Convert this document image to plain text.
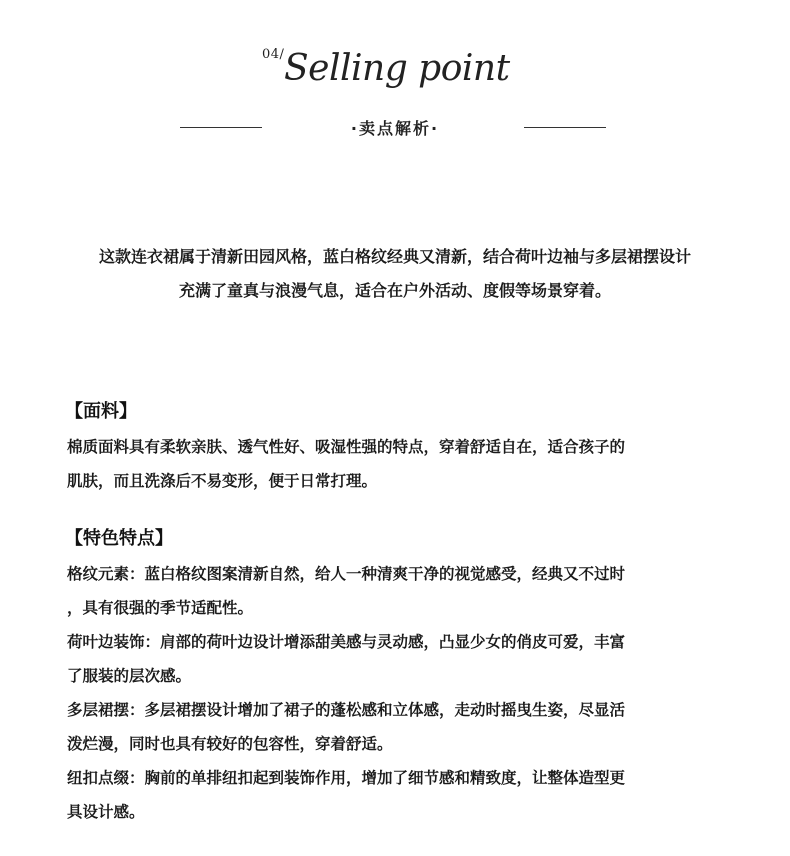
04/ Selling point
·卖点解析·

这款连衣裙属于清新田园风格，蓝白格纹经典又清新，结合荷叶边袖与多层裙摆设计

充满了童真与浪漫气息，适合在户外活动、度假等场景穿着。

【面料】

棉质面料具有柔软亲肤、透气性好、吸湿性强的特点，穿着舒适自在，适合孩子的

肌肤，而且洗涤后不易变形，便于日常打理。

【特色特点】

格纹元素：蓝白格纹图案清新自然，给人一种清爽干净的视觉感受，经典又不过时

，具有很强的季节适配性。

荷叶边装饰：肩部的荷叶边设计增添甜美感与灵动感，凸显少女的俏皮可爱，丰富

了服装的层次感。

多层裙摆：多层裙摆设计增加了裙子的蓬松感和立体感，走动时摇曳生姿，尽显活

泼烂漫，同时也具有较好的包容性，穿着舒适。

纽扣点缀：胸前的单排纽扣起到装饰作用，增加了细节感和精致度，让整体造型更

具设计感。
